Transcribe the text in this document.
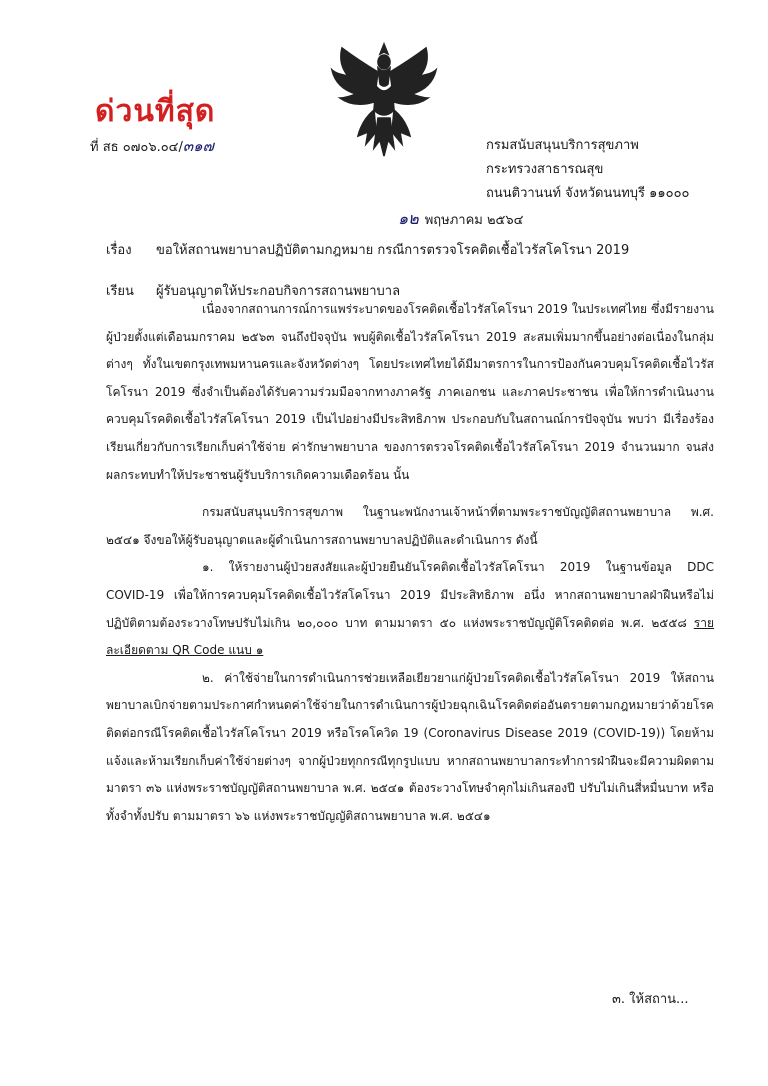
ด่วนที่สุด
ที่ สธ ๐๗๐๖.๐๔/๓๑๗	กรมสนับสนุนบริการสุขภาพ
กระทรวงสาธารณสุข
ถนนติวานนท์ จังหวัดนนทบุรี ๑๑๐๐๐
๑๒ พฤษภาคม ๒๕๖๔
เรื่อง ขอให้สถานพยาบาลปฏิบัติตามกฎหมาย กรณีการตรวจโรคติดเชื้อไวรัสโคโรนา 2019
เรียน ผู้รับอนุญาตให้ประกอบกิจการสถานพยาบาล

เนื่องจากสถานการณ์การแพร่ระบาดของโรคติดเชื้อไวรัสโคโรนา 2019 ในประเทศไทย ซึ่งมีรายงานผู้ป่วยตั้งแต่เดือนมกราคม ๒๕๖๓ จนถึงปัจจุบัน พบผู้ติดเชื้อไวรัสโคโรนา 2019 สะสมเพิ่มมากขึ้นอย่างต่อเนื่องในกลุ่มต่างๆ ทั้งในเขตกรุงเทพมหานครและจังหวัดต่างๆ โดยประเทศไทยได้มีมาตรการในการป้องกันควบคุมโรคติดเชื้อไวรัสโคโรนา 2019 ซึ่งจำเป็นต้องได้รับความร่วมมือจากทางภาครัฐ ภาคเอกชน และภาคประชาชน เพื่อให้การดำเนินงานควบคุมโรคติดเชื้อไวรัสโคโรนา 2019 เป็นไปอย่างมีประสิทธิภาพ ประกอบกับในสถานณ์การปัจจุบัน พบว่า มีเรื่องร้องเรียนเกี่ยวกับการเรียกเก็บค่าใช้จ่าย ค่ารักษาพยาบาล ของการตรวจโรคติดเชื้อไวรัสโคโรนา 2019 จำนวนมาก จนส่งผลกระทบทำให้ประชาชนผู้รับบริการเกิดความเดือดร้อน นั้น

กรมสนับสนุนบริการสุขภาพ ในฐานะพนักงานเจ้าหน้าที่ตามพระราชบัญญัติสถานพยาบาล พ.ศ. ๒๕๔๑ จึงขอให้ผู้รับอนุญาตและผู้ดำเนินการสถานพยาบาลปฏิบัติและดำเนินการ ดังนี้

๑. ให้รายงานผู้ป่วยสงสัยและผู้ป่วยยืนยันโรคติดเชื้อไวรัสโคโรนา 2019 ในฐานข้อมูล DDC COVID-19 เพื่อให้การควบคุมโรคติดเชื้อไวรัสโคโรนา 2019 มีประสิทธิภาพ อนึ่ง หากสถานพยาบาลฝ่าฝืนหรือไม่ปฏิบัติตามต้องระวางโทษปรับไม่เกิน ๒๐,๐๐๐ บาท ตามมาตรา ๕๐ แห่งพระราชบัญญัติโรคติดต่อ พ.ศ. ๒๕๕๘ รายละเอียดตาม QR Code แนบ ๑

๒. ค่าใช้จ่ายในการดำเนินการช่วยเหลือเยียวยาแก่ผู้ป่วยโรคติดเชื้อไวรัสโคโรนา 2019 ให้สถานพยาบาลเบิกจ่ายตามประกาศกำหนดค่าใช้จ่ายในการดำเนินการผู้ป่วยฉุกเฉินโรคติดต่ออันตรายตามกฎหมายว่าด้วยโรคติดต่อกรณีโรคติดเชื้อไวรัสโคโรนา 2019 หรือโรคโควิด 19 (Coronavirus Disease 2019 (COVID-19)) โดยห้ามแจ้งและห้ามเรียกเก็บค่าใช้จ่ายต่างๆ จากผู้ป่วยทุกกรณีทุกรูปแบบ หากสถานพยาบาลกระทำการฝ่าฝืนจะมีความผิดตามมาตรา ๓๖ แห่งพระราชบัญญัติสถานพยาบาล พ.ศ. ๒๕๔๑ ต้องระวางโทษจำคุกไม่เกินสองปี ปรับไม่เกินสี่หมื่นบาท หรือทั้งจำทั้งปรับ ตามมาตรา ๖๖ แห่งพระราชบัญญัติสถานพยาบาล พ.ศ. ๒๕๔๑

๓. ให้สถาน...
